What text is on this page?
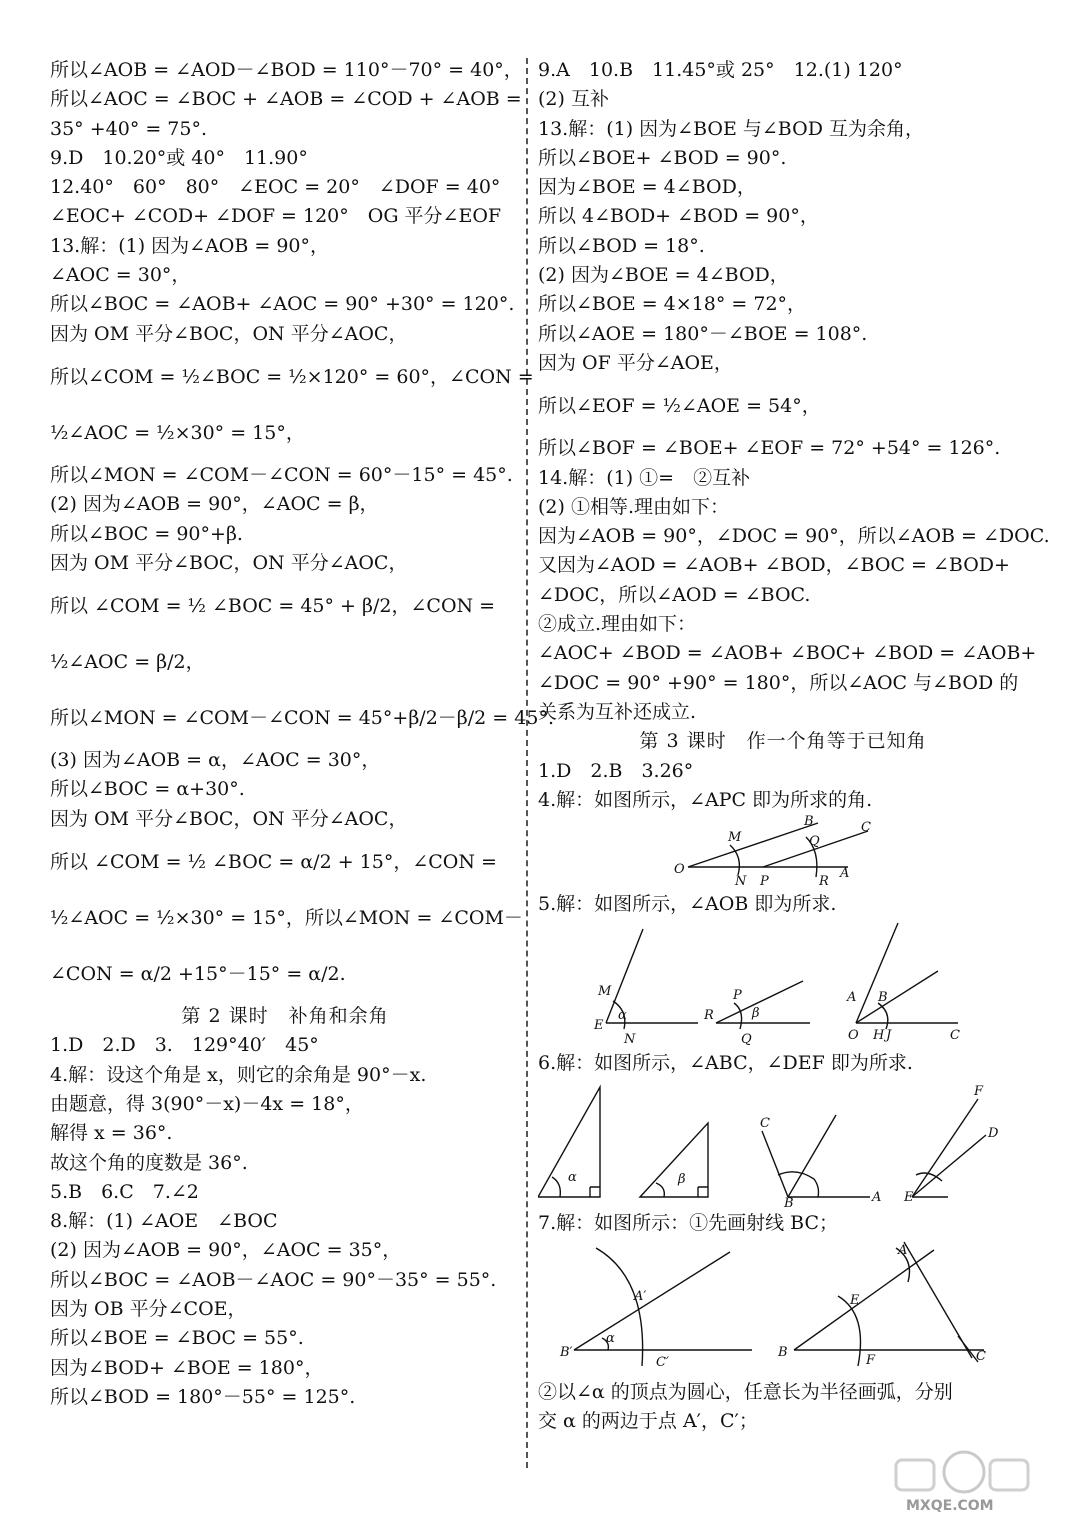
所以∠AOB = ∠AOD－∠BOD = 110°－70° = 40°，
所以∠AOC = ∠BOC + ∠AOB = ∠COD + ∠AOB =
35° +40° = 75°.
9.D　10.20°或 40°　11.90°
12.40°　60°　80°　∠EOC = 20°　∠DOF = 40°
∠EOC+ ∠COD+ ∠DOF = 120°　OG 平分∠EOF
13.解：(1) 因为∠AOB = 90°，
∠AOC = 30°，
所以∠BOC = ∠AOB+ ∠AOC = 90° +30° = 120°.
因为 OM 平分∠BOC，ON 平分∠AOC，
所以∠COM = ½∠BOC = ½×120° = 60°，∠CON =
½∠AOC = ½×30° = 15°，
所以∠MON = ∠COM－∠CON = 60°－15° = 45°.
(2) 因为∠AOB = 90°，∠AOC = β，
所以∠BOC = 90°+β.
因为 OM 平分∠BOC，ON 平分∠AOC，
所以 ∠COM = ½ ∠BOC = 45° + β/2，∠CON =
½∠AOC = β/2，
所以∠MON = ∠COM－∠CON = 45°+β/2－β/2 = 45°.
(3) 因为∠AOB = α，∠AOC = 30°，
所以∠BOC = α+30°.
因为 OM 平分∠BOC，ON 平分∠AOC，
所以 ∠COM = ½ ∠BOC = α/2 + 15°，∠CON =
½∠AOC = ½×30° = 15°，所以∠MON = ∠COM－
∠CON = α/2 +15°－15° = α/2.
第 2 课时　补角和余角
1.D　2.D　3.　129°40′　45°
4.解：设这个角是 x，则它的余角是 90°－x.
由题意，得 3(90°－x)－4x = 18°，
解得 x = 36°.
故这个角的度数是 36°.
5.B　6.C　7.∠2
8.解：(1) ∠AOE　∠BOC
(2) 因为∠AOB = 90°，∠AOC = 35°，
所以∠BOC = ∠AOB－∠AOC = 90°－35° = 55°.
因为 OB 平分∠COE，
所以∠BOE = ∠BOC = 55°.
因为∠BOD+ ∠BOE = 180°，
所以∠BOD = 180°－55° = 125°.
9.A　10.B　11.45°或 25°　12.(1) 120°
(2) 互补
13.解：(1) 因为∠BOE 与∠BOD 互为余角，
所以∠BOE+ ∠BOD = 90°.
因为∠BOE = 4∠BOD，
所以 4∠BOD+ ∠BOD = 90°，
所以∠BOD = 18°.
(2) 因为∠BOE = 4∠BOD，
所以∠BOE = 4×18° = 72°，
所以∠AOE = 180°－∠BOE = 108°.
因为 OF 平分∠AOE，
所以∠EOF = ½∠AOE = 54°，
所以∠BOF = ∠BOE+ ∠EOF = 72° +54° = 126°.
14.解：(1) ①=　②互补
(2) ①相等.理由如下：
因为∠AOB = 90°，∠DOC = 90°，所以∠AOB = ∠DOC.
又因为∠AOD = ∠AOB+ ∠BOD，∠BOC = ∠BOD+
∠DOC，所以∠AOD = ∠BOC.
②成立.理由如下：
∠AOC+ ∠BOD = ∠AOB+ ∠BOC+ ∠BOD = ∠AOB+
∠DOC = 90° +90° = 180°，所以∠AOC 与∠BOD 的
关系为互补还成立.
第 3 课时　作一个角等于已知角
1.D　2.B　3.26°
4.解：如图所示，∠APC 即为所求的角.
O
M
N P
B
Q
R
C
A
5.解：如图所示，∠AOB 即为所求.
M
E
α
N
P
R	β
Q
A B
O H J	C
6.解：如图所示，∠ABC，∠DEF 即为所求.
α	β
C
B	A
F
D
E
7.解：如图所示：①先画射线 BC；
A′
α
B′
C′
A
E
B
F	C
②以∠α 的顶点为圆心，任意长为半径画弧，分别
交 α 的两边于点 A′，C′；
MXQE.COM
